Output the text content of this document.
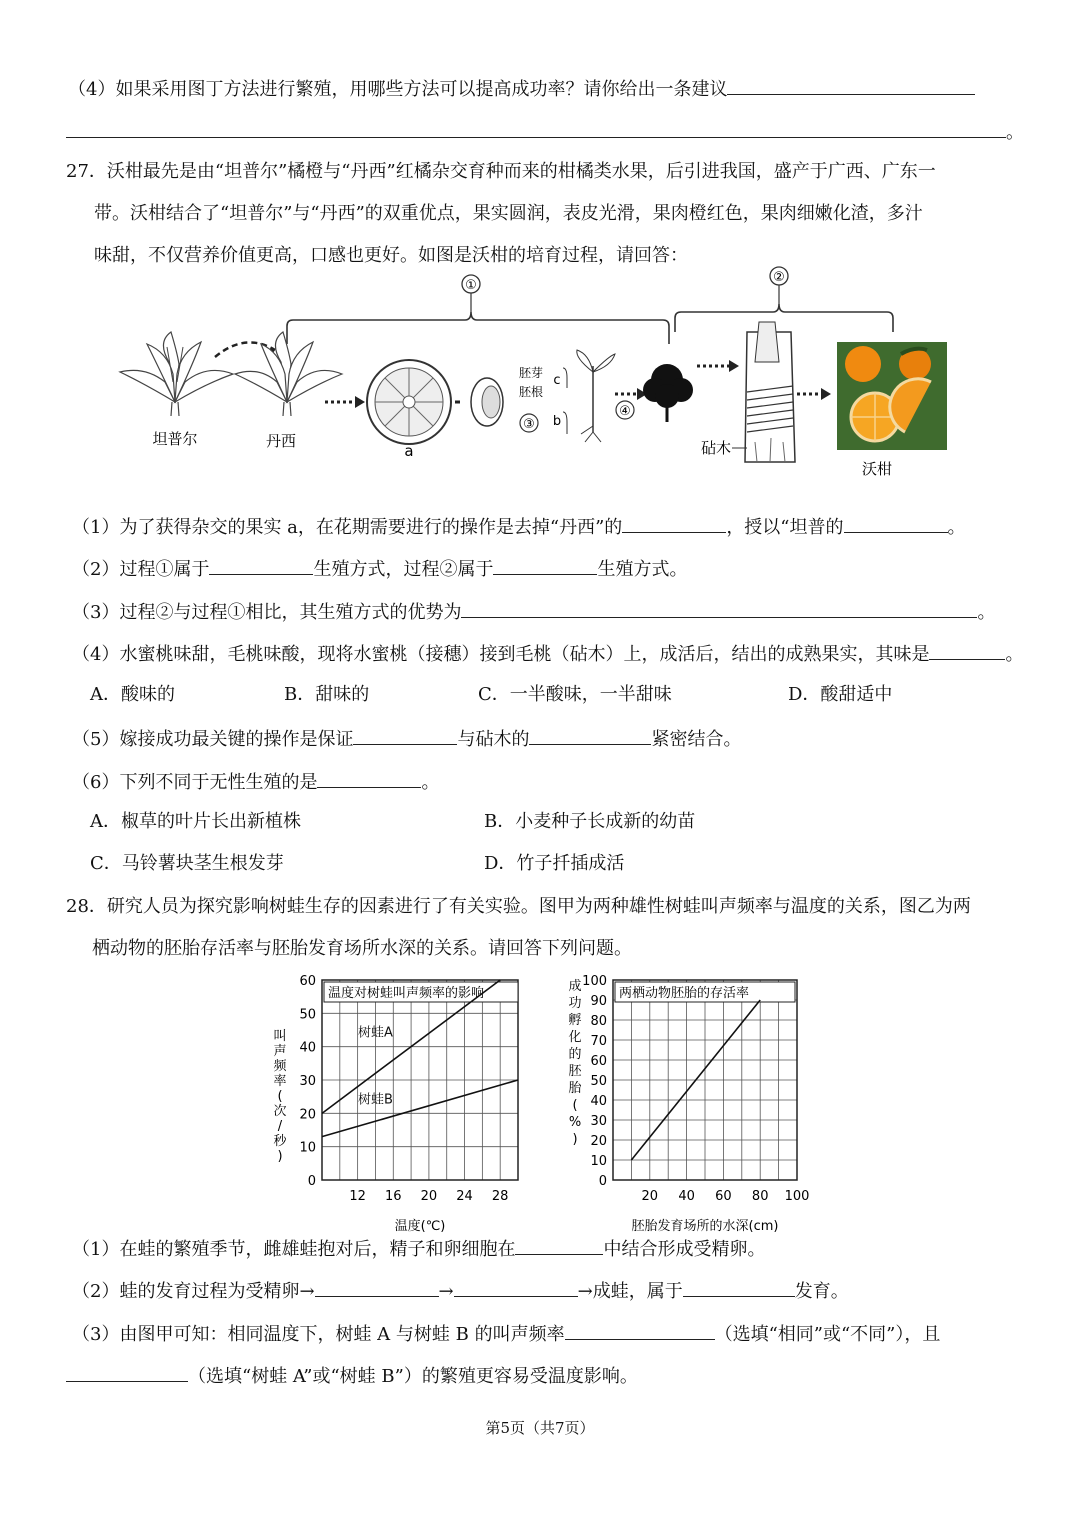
（4）如果采用图丁方法进行繁殖，用哪些方法可以提高成功率？请你给出一条建议
。
27．沃柑最先是由“坦普尔”橘橙与“丹西”红橘杂交育种而来的柑橘类水果，后引进我国，盛产于广西、广东一
带。沃柑结合了“坦普尔”与“丹西”的双重优点，果实圆润，表皮光滑，果肉橙红色，果肉细嫩化渣，多汁
味甜，不仅营养价值更高，口感也更好。如图是沃柑的培育过程，请回答：
①
②
坦普尔	丹西
a
胚芽
胚根
③
c
b
④
砧木
沃柑
（1）为了获得杂交的果实 a，在花期需要进行的操作是去掉“丹西”的	，授以“坦普的	。
（2）过程①属于	生殖方式，过程②属于	生殖方式。
（3）过程②与过程①相比，其生殖方式的优势为	。
（4）水蜜桃味甜，毛桃味酸，现将水蜜桃（接穗）接到毛桃（砧木）上，成活后，结出的成熟果实，其味是	。
A．酸味的	B．甜味的	C．一半酸味，一半甜味	D．酸甜适中
（5）嫁接成功最关键的操作是保证	与砧木的	紧密结合。
（6）下列不同于无性生殖的是	。
A．椒草的叶片长出新植株	B．小麦种子长成新的幼苗
C．马铃薯块茎生根发芽	D．竹子扦插成活
28．研究人员为探究影响树蛙生存的因素进行了有关实验。图甲为两种雄性树蛙叫声频率与温度的关系，图乙为两
栖动物的胚胎存活率与胚胎发育场所水深的关系。请回答下列问题。
温度对树蛙叫声频率的影响
0
10
20
30
40
50
60
12 16 20 24 28
温度(℃)
树蛙A
树蛙B
叫声频率(次/秒)
两栖动物胚胎的存活率
0
10
20
30
40
50
60
70
80
90
100
20 40 60 80 100
胚胎发育场所的水深(cm)
成功孵化的胚胎( % )
（1）在蛙的繁殖季节，雌雄蛙抱对后，精子和卵细胞在	中结合形成受精卵。
（2）蛙的发育过程为受精卵→	→	→成蛙，属于	发育。
（3）由图甲可知：相同温度下，树蛙 A 与树蛙 B 的叫声频率	（选填“相同”或“不同”），且
（选填“树蛙 A”或“树蛙 B”）的繁殖更容易受温度影响。
第5页（共7页）
